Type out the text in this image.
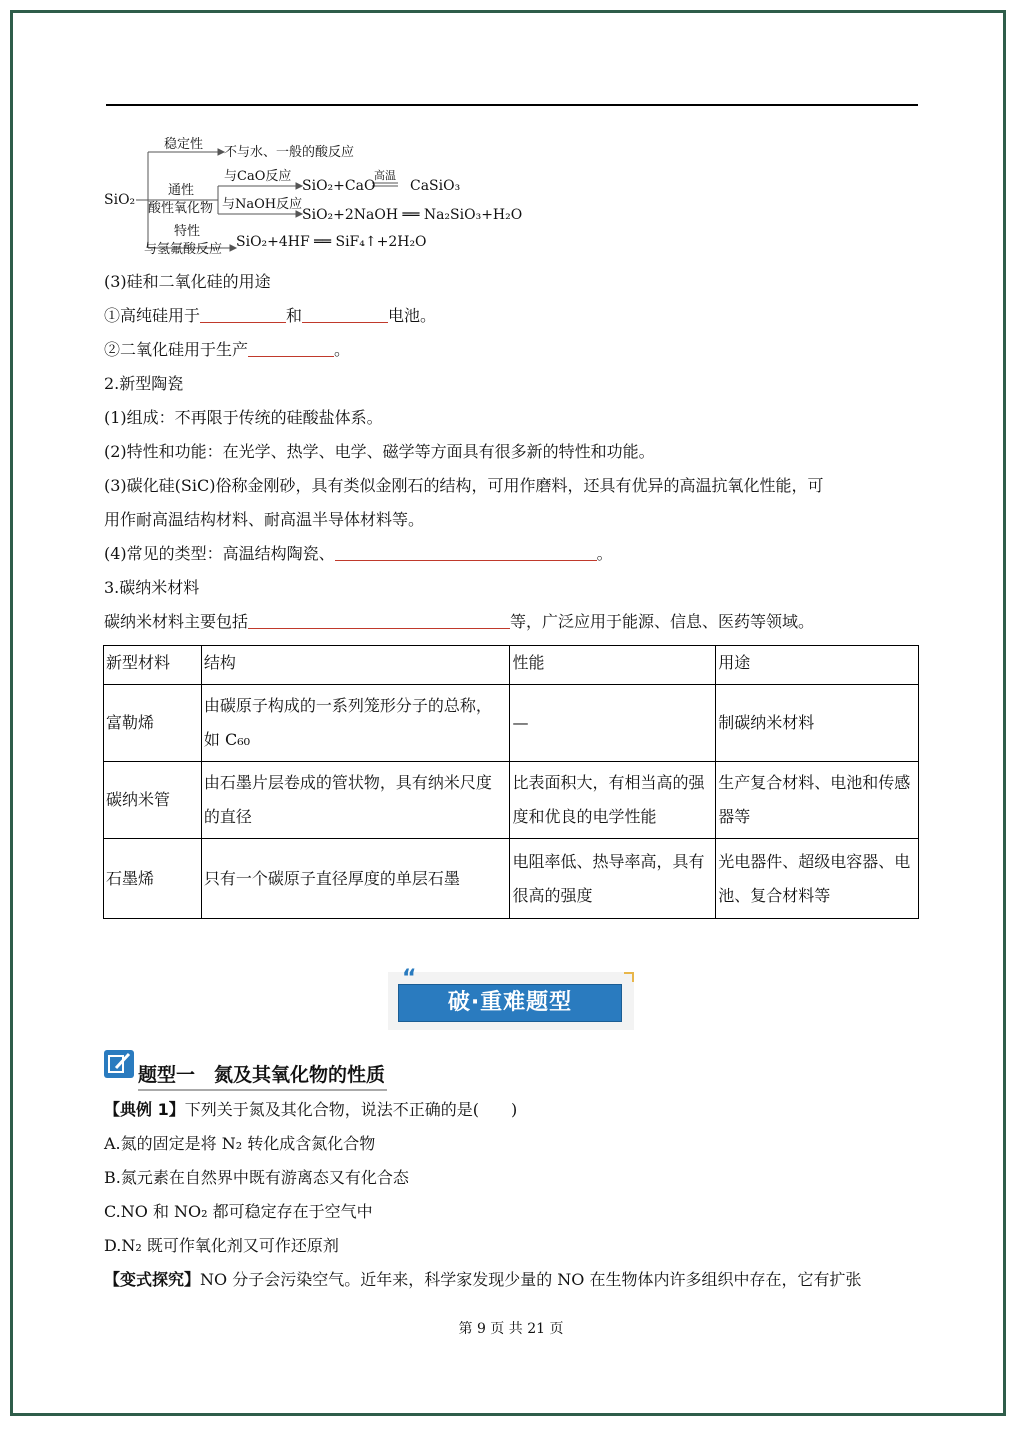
SiO₂
稳定性
不与水、一般的酸反应
通性
酸性氧化物
与CaO反应
SiO₂+CaO
高温
CaSiO₃
与NaOH反应
SiO₂+2NaOH ══ Na₂SiO₃+H₂O
特性
与氢氟酸反应 SiO₂+4HF ══ SiF₄↑+2H₂O
(3)硅和二氧化硅的用途
①高纯硅用于	和	电池。
②二氧化硅用于生产	。
2.新型陶瓷
(1)组成：不再限于传统的硅酸盐体系。
(2)特性和功能：在光学、热学、电学、磁学等方面具有很多新的特性和功能。
(3)碳化硅(SiC)俗称金刚砂，具有类似金刚石的结构，可用作磨料，还具有优异的高温抗氧化性能，可
用作耐高温结构材料、耐高温半导体材料等。
(4)常见的类型：高温结构陶瓷、	。
3.碳纳米材料
碳纳米材料主要包括	等，广泛应用于能源、信息、医药等领域。
新型材料	结构	性能	用途
富勒烯	由碳原子构成的一系列笼形分子的总称，如 C₆₀	—	制碳纳米材料
碳纳米管	由石墨片层卷成的管状物，具有纳米尺度的直径	比表面积大，有相当高的强度和优良的电学性能	生产复合材料、电池和传感器等
石墨烯	只有一个碳原子直径厚度的单层石墨	电阻率低、热导率高，具有很高的强度	光电器件、超级电容器、电池、复合材料等
破·重难题型
“
题型一　氮及其氧化物的性质
【典例 1】下列关于氮及其化合物，说法不正确的是(　　)
A.氮的固定是将 N₂ 转化成含氮化合物
B.氮元素在自然界中既有游离态又有化合态
C.NO 和 NO₂ 都可稳定存在于空气中
D.N₂ 既可作氧化剂又可作还原剂
【变式探究】NO 分子会污染空气。近年来，科学家发现少量的 NO 在生物体内许多组织中存在，它有扩张
第 9 页 共 21 页
